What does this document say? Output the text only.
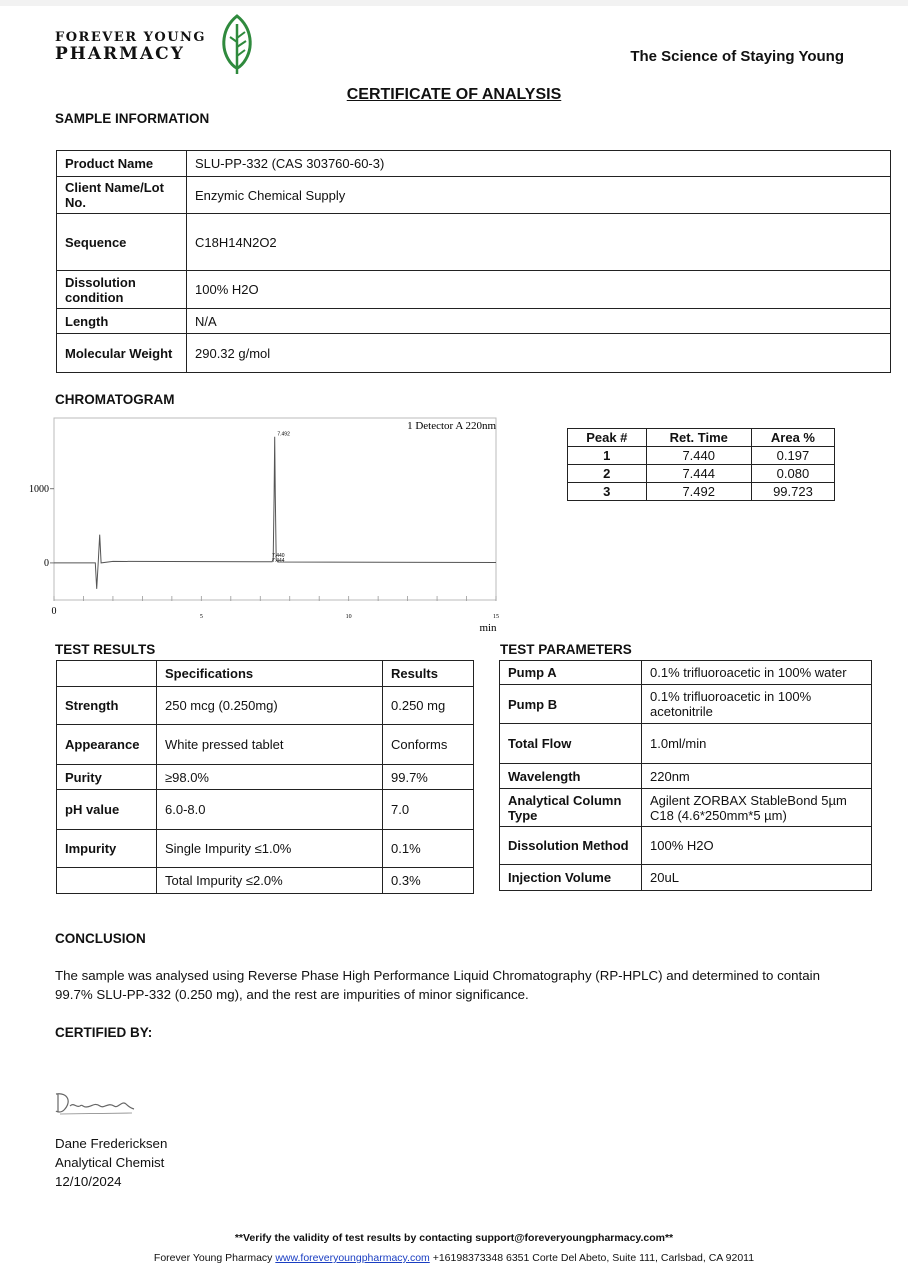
FOREVER YOUNG
PHARMACY	The Science of Staying Young
CERTIFICATE OF ANALYSIS
SAMPLE INFORMATION
Product Name	SLU-PP-332 (CAS 303760-60-3)
Client Name/Lot No.	Enzymic Chemical Supply
Sequence	C18H14N2O2
Dissolution condition	100% H2O
Length	N/A
Molecular Weight	290.32 g/mol
CHROMATOGRAM
1 Detector A 220nm
min
0	5	10	15
0
1000
7.492
7.440
7.444
Peak #	Ret. Time	Area %
1	7.440	0.197
2	7.444	0.080
3	7.492	99.723
TEST RESULTS
	Specifications	Results
Strength	250 mcg (0.250mg)	0.250 mg
Appearance	White pressed tablet	Conforms
Purity	≥98.0%	99.7%
pH value	6.0-8.0	7.0
Impurity	Single Impurity ≤1.0%	0.1%
	Total Impurity ≤2.0%	0.3%
TEST PARAMETERS
Pump A	0.1% trifluoroacetic in 100% water
Pump B	0.1% trifluoroacetic in 100% acetonitrile
Total Flow	1.0ml/min
Wavelength	220nm
Analytical Column Type	Agilent ZORBAX StableBond 5µm C18 (4.6*250mm*5 µm)
Dissolution Method	100% H2O
Injection Volume	20uL
CONCLUSION
The sample was analysed using Reverse Phase High Performance Liquid Chromatography (RP-HPLC) and determined to contain 99.7% SLU-PP-332 (0.250 mg), and the rest are impurities of minor significance.
CERTIFIED BY:
Dane Fredericksen
Analytical Chemist
12/10/2024
**Verify the validity of test results by contacting support@foreveryoungpharmacy.com**
Forever Young Pharmacy www.foreveryoungpharmacy.com +16198373348 6351 Corte Del Abeto, Suite 111, Carlsbad, CA 92011
